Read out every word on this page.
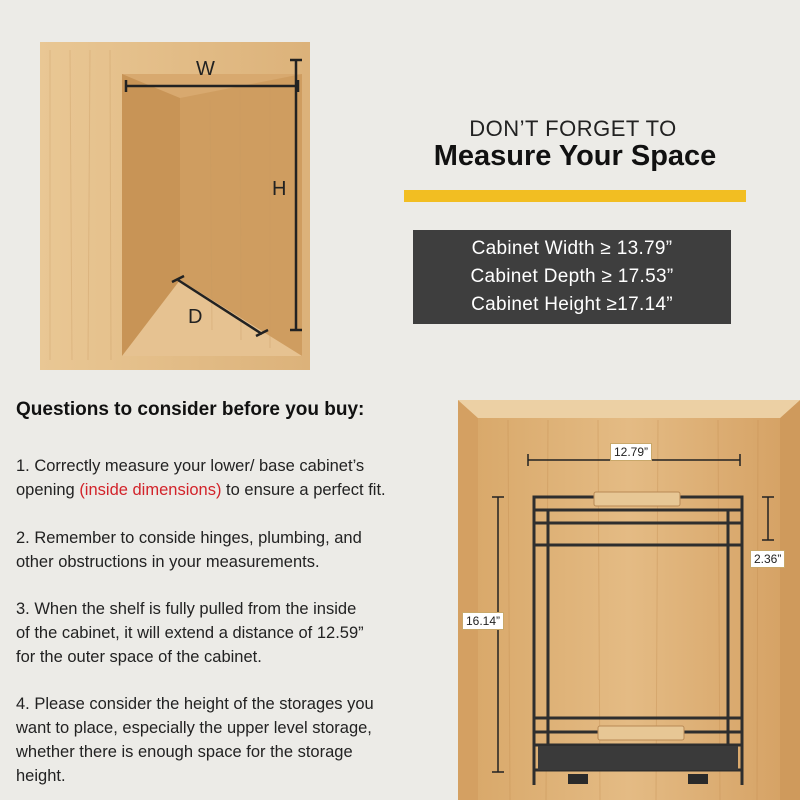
W
H
D
DON’T FORGET TO
Measure Your Space
Cabinet Width ≥ 13.79”
Cabinet Depth ≥ 17.53”
Cabinet Height ≥17.14”
Questions to consider before you buy:
1. Correctly measure your lower/ base cabinet’s
opening (inside dimensions) to ensure a perfect fit.
2. Remember to conside hinges, plumbing, and
other obstructions in your measurements.
3. When the shelf is fully pulled from the inside
of the cabinet, it will extend a distance of 12.59”
for the outer space of the cabinet.
4. Please consider the height of the storages you
want to place, especially the upper level storage,
whether there is enough space for the storage
height.
12.79”
16.14”
2.36”
